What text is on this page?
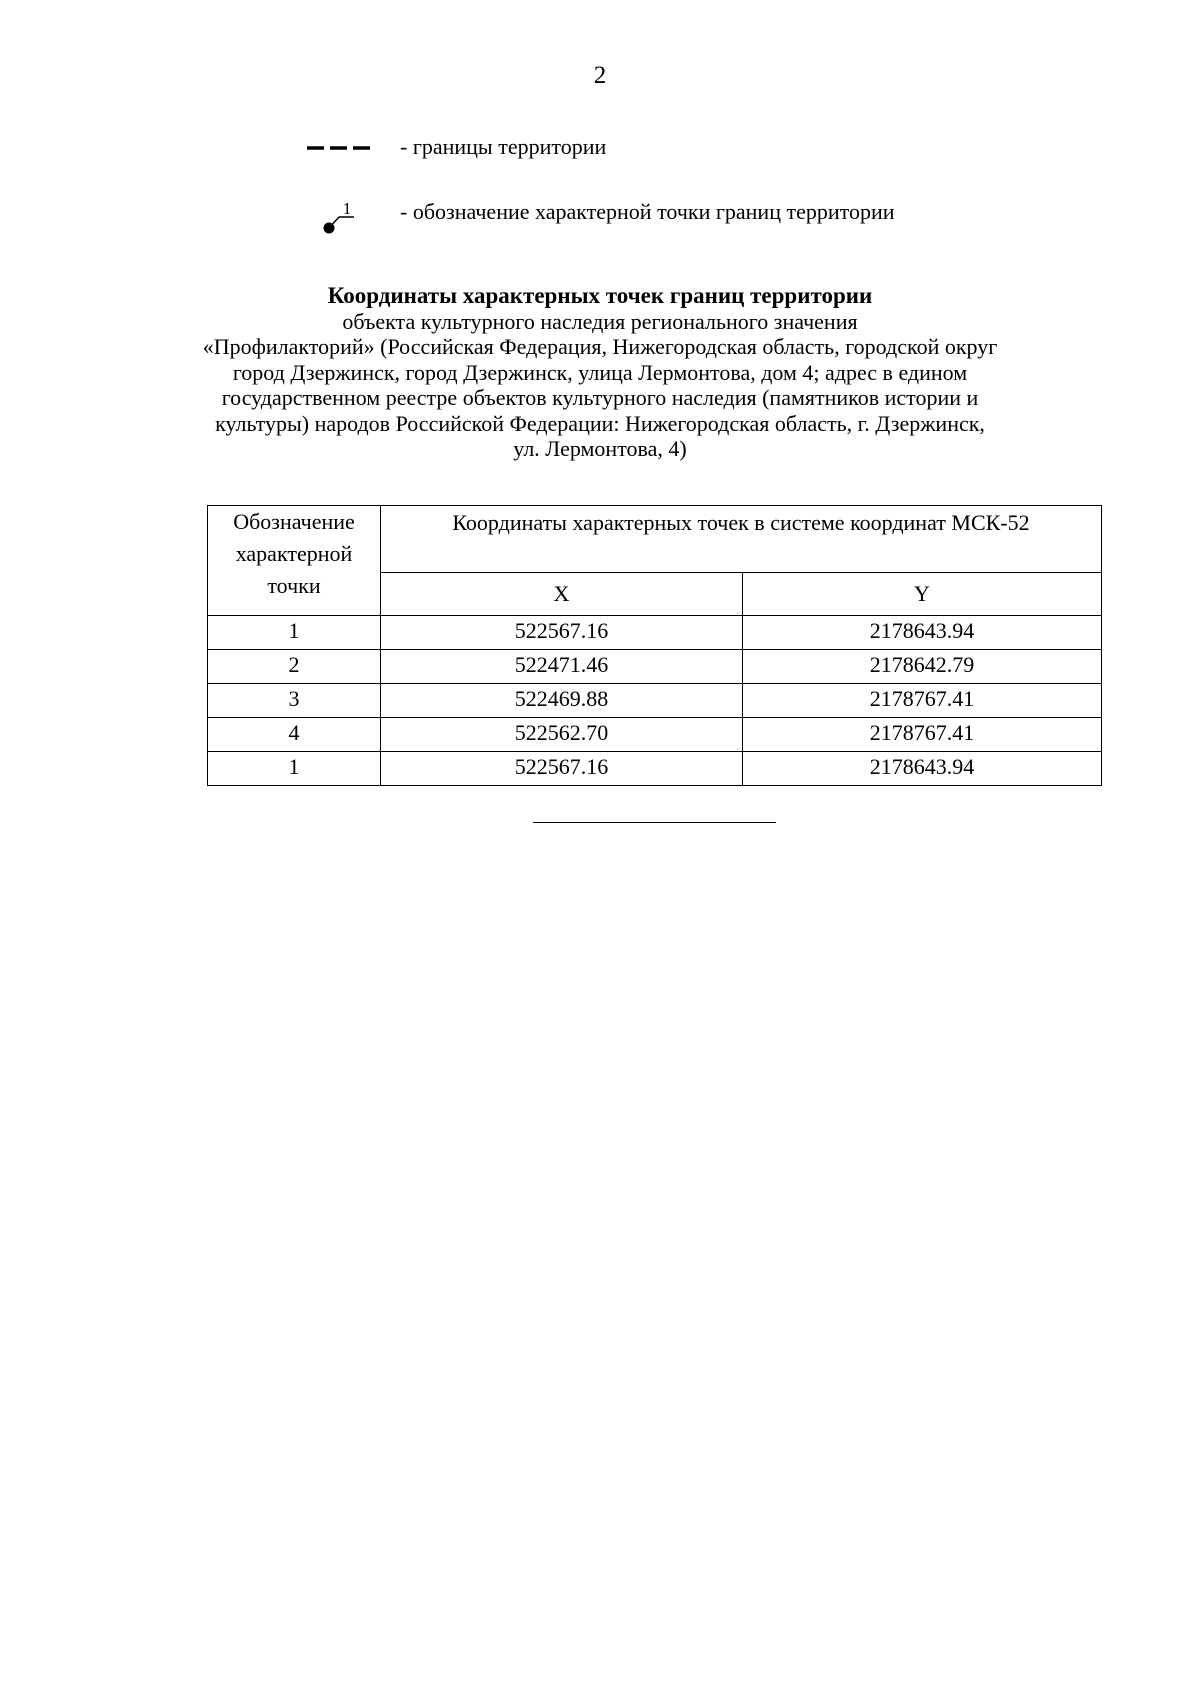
2
- границы территории
1 - обозначение характерной точки границ территории
Координаты характерных точек границ территории
объекта культурного наследия регионального значения
«Профилакторий» (Российская Федерация, Нижегородская область, городской округ
город Дзержинск, город Дзержинск, улица Лермонтова, дом 4; адрес в едином
государственном реестре объектов культурного наследия (памятников истории и
культуры) народов Российской Федерации: Нижегородская область, г. Дзержинск,
ул. Лермонтова, 4)
Обозначение
характерной
точки	Координаты характерных точек в системе координат МСК-52	
	X	Y
1	522567.16	2178643.94
2	522471.46	2178642.79
3	522469.88	2178767.41
4	522562.70	2178767.41
1	522567.16	2178643.94
